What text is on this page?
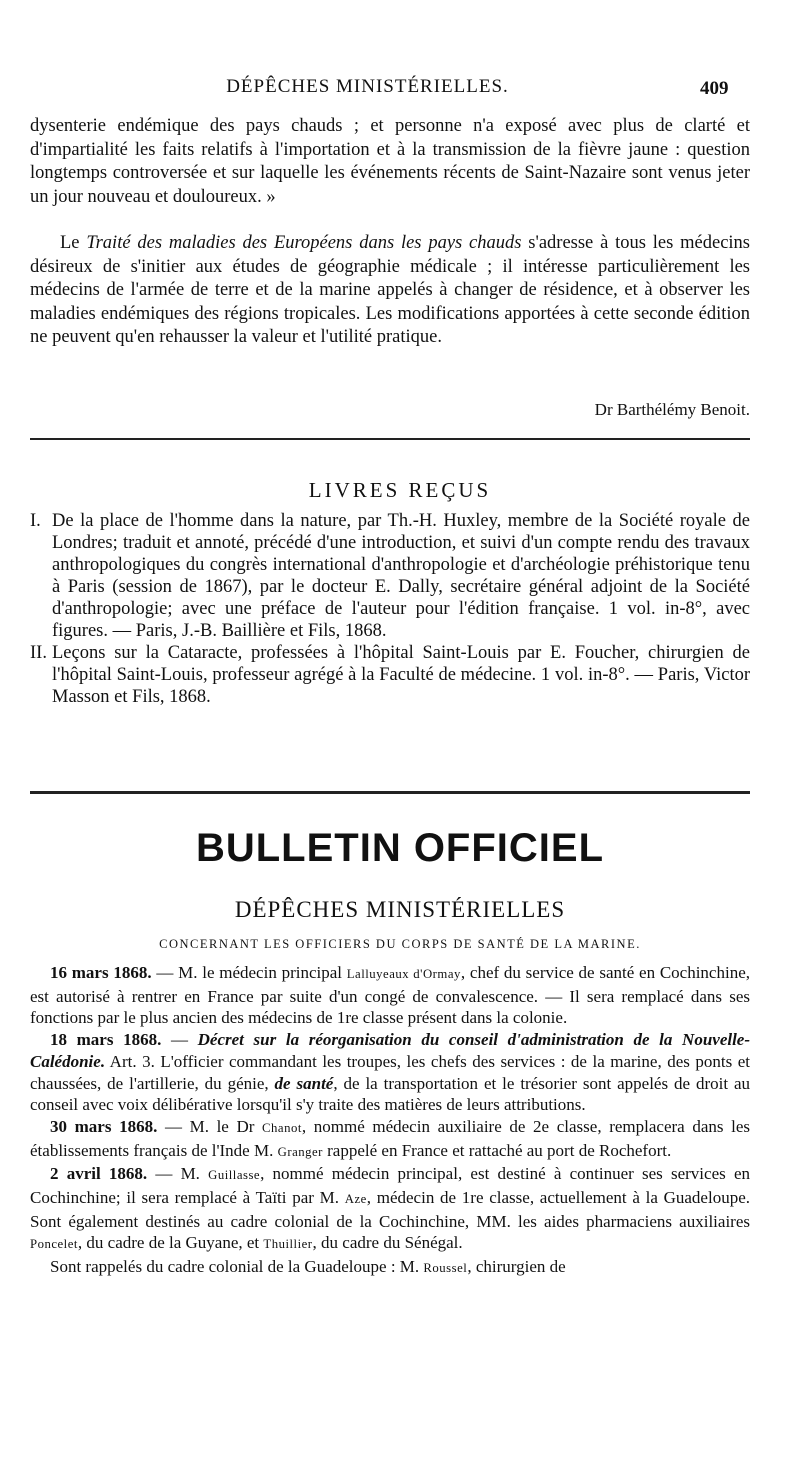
DÉPÊCHES MINISTÉRIELLES.	409
dysenterie endémique des pays chauds ; et personne n'a exposé avec plus de clarté et d'impartialité les faits relatifs à l'importation et à la transmission de la fièvre jaune : question longtemps controversée et sur laquelle les événements récents de Saint-Nazaire sont venus jeter un jour nouveau et douloureux. »
Le Traité des maladies des Européens dans les pays chauds s'adresse à tous les médecins désireux de s'initier aux études de géographie médicale ; il intéresse particulièrement les médecins de l'armée de terre et de la marine appelés à changer de résidence, et à observer les maladies endémiques des régions tropicales. Les modifications apportées à cette seconde édition ne peuvent qu'en rehausser la valeur et l'utilité pratique.
Dr Barthélémy Benoit.
LIVRES REÇUS
I. De la place de l'homme dans la nature, par Th.-H. Huxley, membre de la Société royale de Londres; traduit et annoté, précédé d'une introduction, et suivi d'un compte rendu des travaux anthropologiques du congrès international d'anthropologie et d'archéologie préhistorique tenu à Paris (session de 1867), par le docteur E. Dally, secrétaire général adjoint de la Société d'anthropologie; avec une préface de l'auteur pour l'édition française. 1 vol. in-8°, avec figures. — Paris, J.-B. Baillière et Fils, 1868.
II. Leçons sur la Cataracte, professées à l'hôpital Saint-Louis par E. Foucher, chirurgien de l'hôpital Saint-Louis, professeur agrégé à la Faculté de médecine. 1 vol. in-8°. — Paris, Victor Masson et Fils, 1868.
BULLETIN OFFICIEL
DÉPÊCHES MINISTÉRIELLES
CONCERNANT LES OFFICIERS DU CORPS DE SANTÉ DE LA MARINE.

16 mars 1868. — M. le médecin principal Lalluyeaux d'Ormay, chef du service de santé en Cochinchine, est autorisé à rentrer en France par suite d'un congé de convalescence. — Il sera remplacé dans ses fonctions par le plus ancien des médecins de 1re classe présent dans la colonie.

18 mars 1868. — Décret sur la réorganisation du conseil d'administration de la Nouvelle-Calédonie. Art. 3. L'officier commandant les troupes, les chefs des services : de la marine, des ponts et chaussées, de l'artillerie, du génie, de santé, de la transportation et le trésorier sont appelés de droit au conseil avec voix délibérative lorsqu'il s'y traite des matières de leurs attributions.

30 mars 1868. — M. le Dr Chanot, nommé médecin auxiliaire de 2e classe, remplacera dans les établissements français de l'Inde M. Granger rappelé en France et rattaché au port de Rochefort.

2 avril 1868. — M. Guillasse, nommé médecin principal, est destiné à continuer ses services en Cochinchine; il sera remplacé à Taïti par M. Aze, médecin de 1re classe, actuellement à la Guadeloupe. Sont également destinés au cadre colonial de la Cochinchine, MM. les aides pharmaciens auxiliaires Poncelet, du cadre de la Guyane, et Thuillier, du cadre du Sénégal.

Sont rappelés du cadre colonial de la Guadeloupe : M. Roussel, chirurgien de
